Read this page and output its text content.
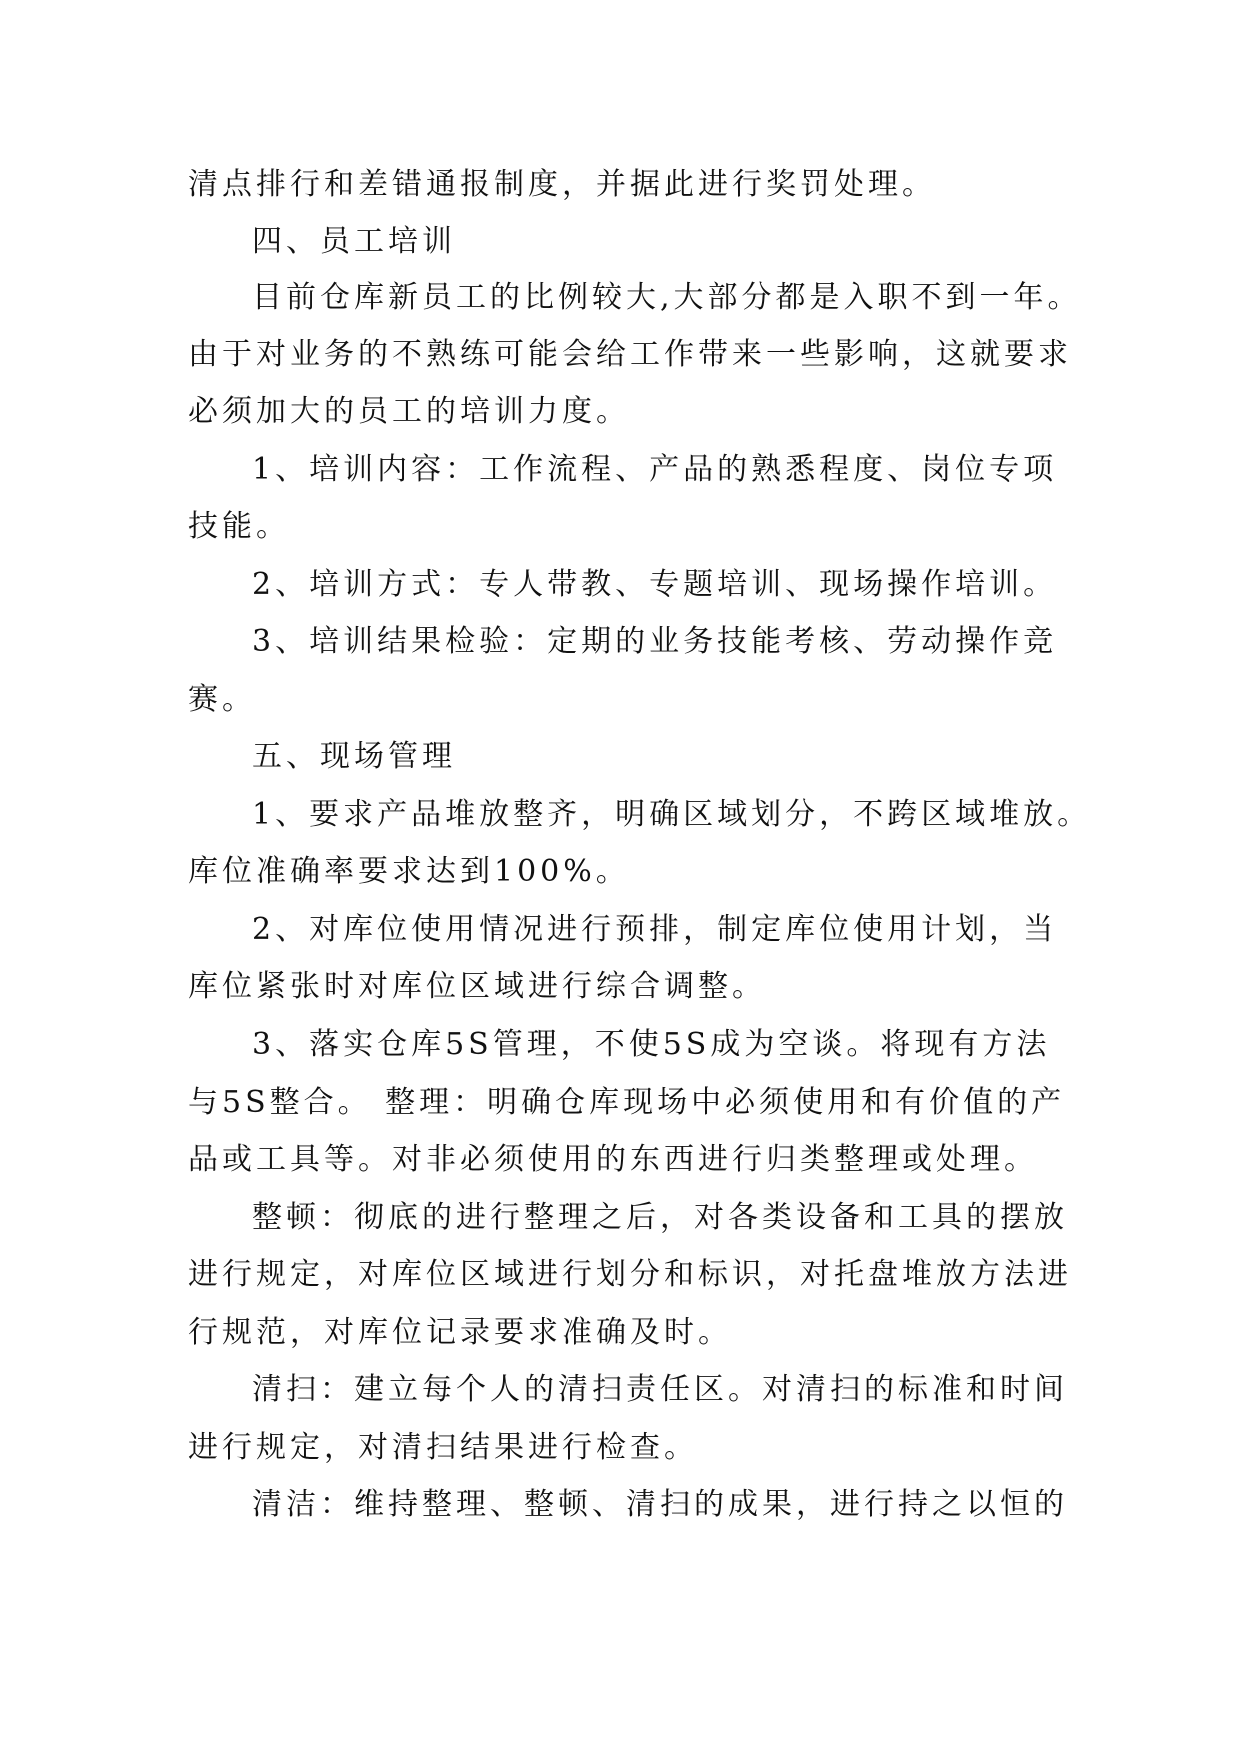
清点排行和差错通报制度，并据此进行奖罚处理。
四、员工培训
目前仓库新员工的比例较大,大部分都是入职不到一年。
由于对业务的不熟练可能会给工作带来一些影响，这就要求
必须加大的员工的培训力度。
1、培训内容：工作流程、产品的熟悉程度、岗位专项
技能。
2、培训方式：专人带教、专题培训、现场操作培训。
3、培训结果检验：定期的业务技能考核、劳动操作竞
赛。
五、现场管理
1、要求产品堆放整齐，明确区域划分，不跨区域堆放。
库位准确率要求达到100%。
2、对库位使用情况进行预排，制定库位使用计划，当
库位紧张时对库位区域进行综合调整。
3、落实仓库5S管理，不使5S成为空谈。将现有方法
与5S整合。 整理：明确仓库现场中必须使用和有价值的产
品或工具等。对非必须使用的东西进行归类整理或处理。
整顿：彻底的进行整理之后，对各类设备和工具的摆放
进行规定，对库位区域进行划分和标识，对托盘堆放方法进
行规范，对库位记录要求准确及时。
清扫：建立每个人的清扫责任区。对清扫的标准和时间
进行规定，对清扫结果进行检查。
清洁：维持整理、整顿、清扫的成果，进行持之以恒的
